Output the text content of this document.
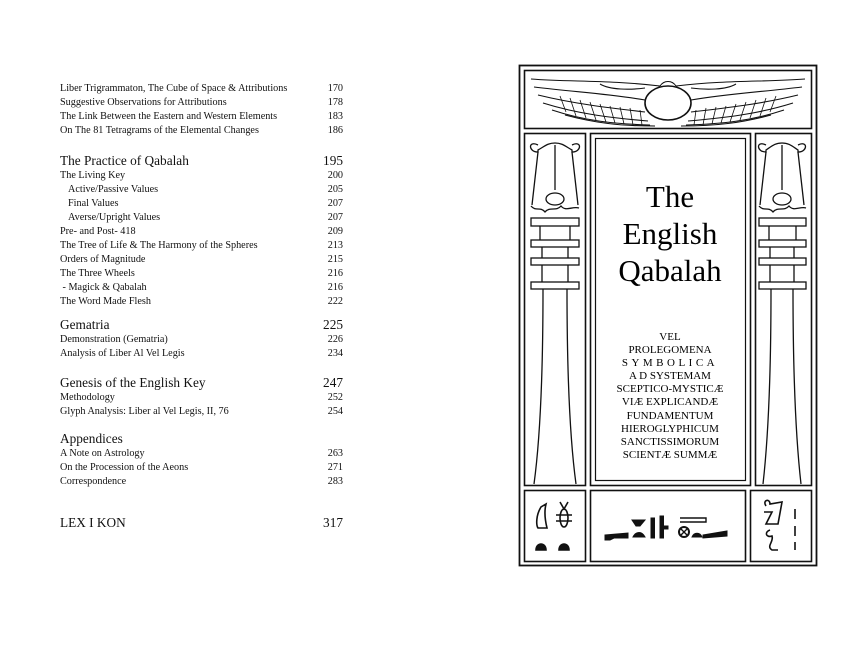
Liber Trigrammaton, The Cube of Space & Attributions	170
Suggestive Observations for Attributions	178
The Link Between the Eastern and Western Elements	183
On The 81 Tetragrams of the Elemental Changes	186
The Practice of Qabalah	195
The Living Key	200
Active/Passive Values	205
Final Values	207
Averse/Upright Values	207
Pre- and Post- 418	209
The Tree of Life & The Harmony of the Spheres	213
Orders of Magnitude	215
The Three Wheels	216
- Magick & Qabalah	216
The Word Made Flesh	222
Gematria	225
Demonstration (Gematria)	226
Analysis of Liber Al Vel Legis	234
Genesis of the English Key	247
Methodology	252
Glyph Analysis: Liber al Vel Legis, II, 76	254
Appendices
A Note on Astrology	263
On the Procession of the Aeons	271
Correspondence	283
LEX I KON	317
The
English
Qabalah
VEL
PROLEGOMENA
SYMBOLICA
A D SYSTEMAM
SCEPTICO-MYSTICÆ
VIÆ EXPLICANDÆ
FUNDAMENTUM
HIEROGLYPHICUM
SANCTISSIMORUM
SCIENTÆ SUMMÆ
